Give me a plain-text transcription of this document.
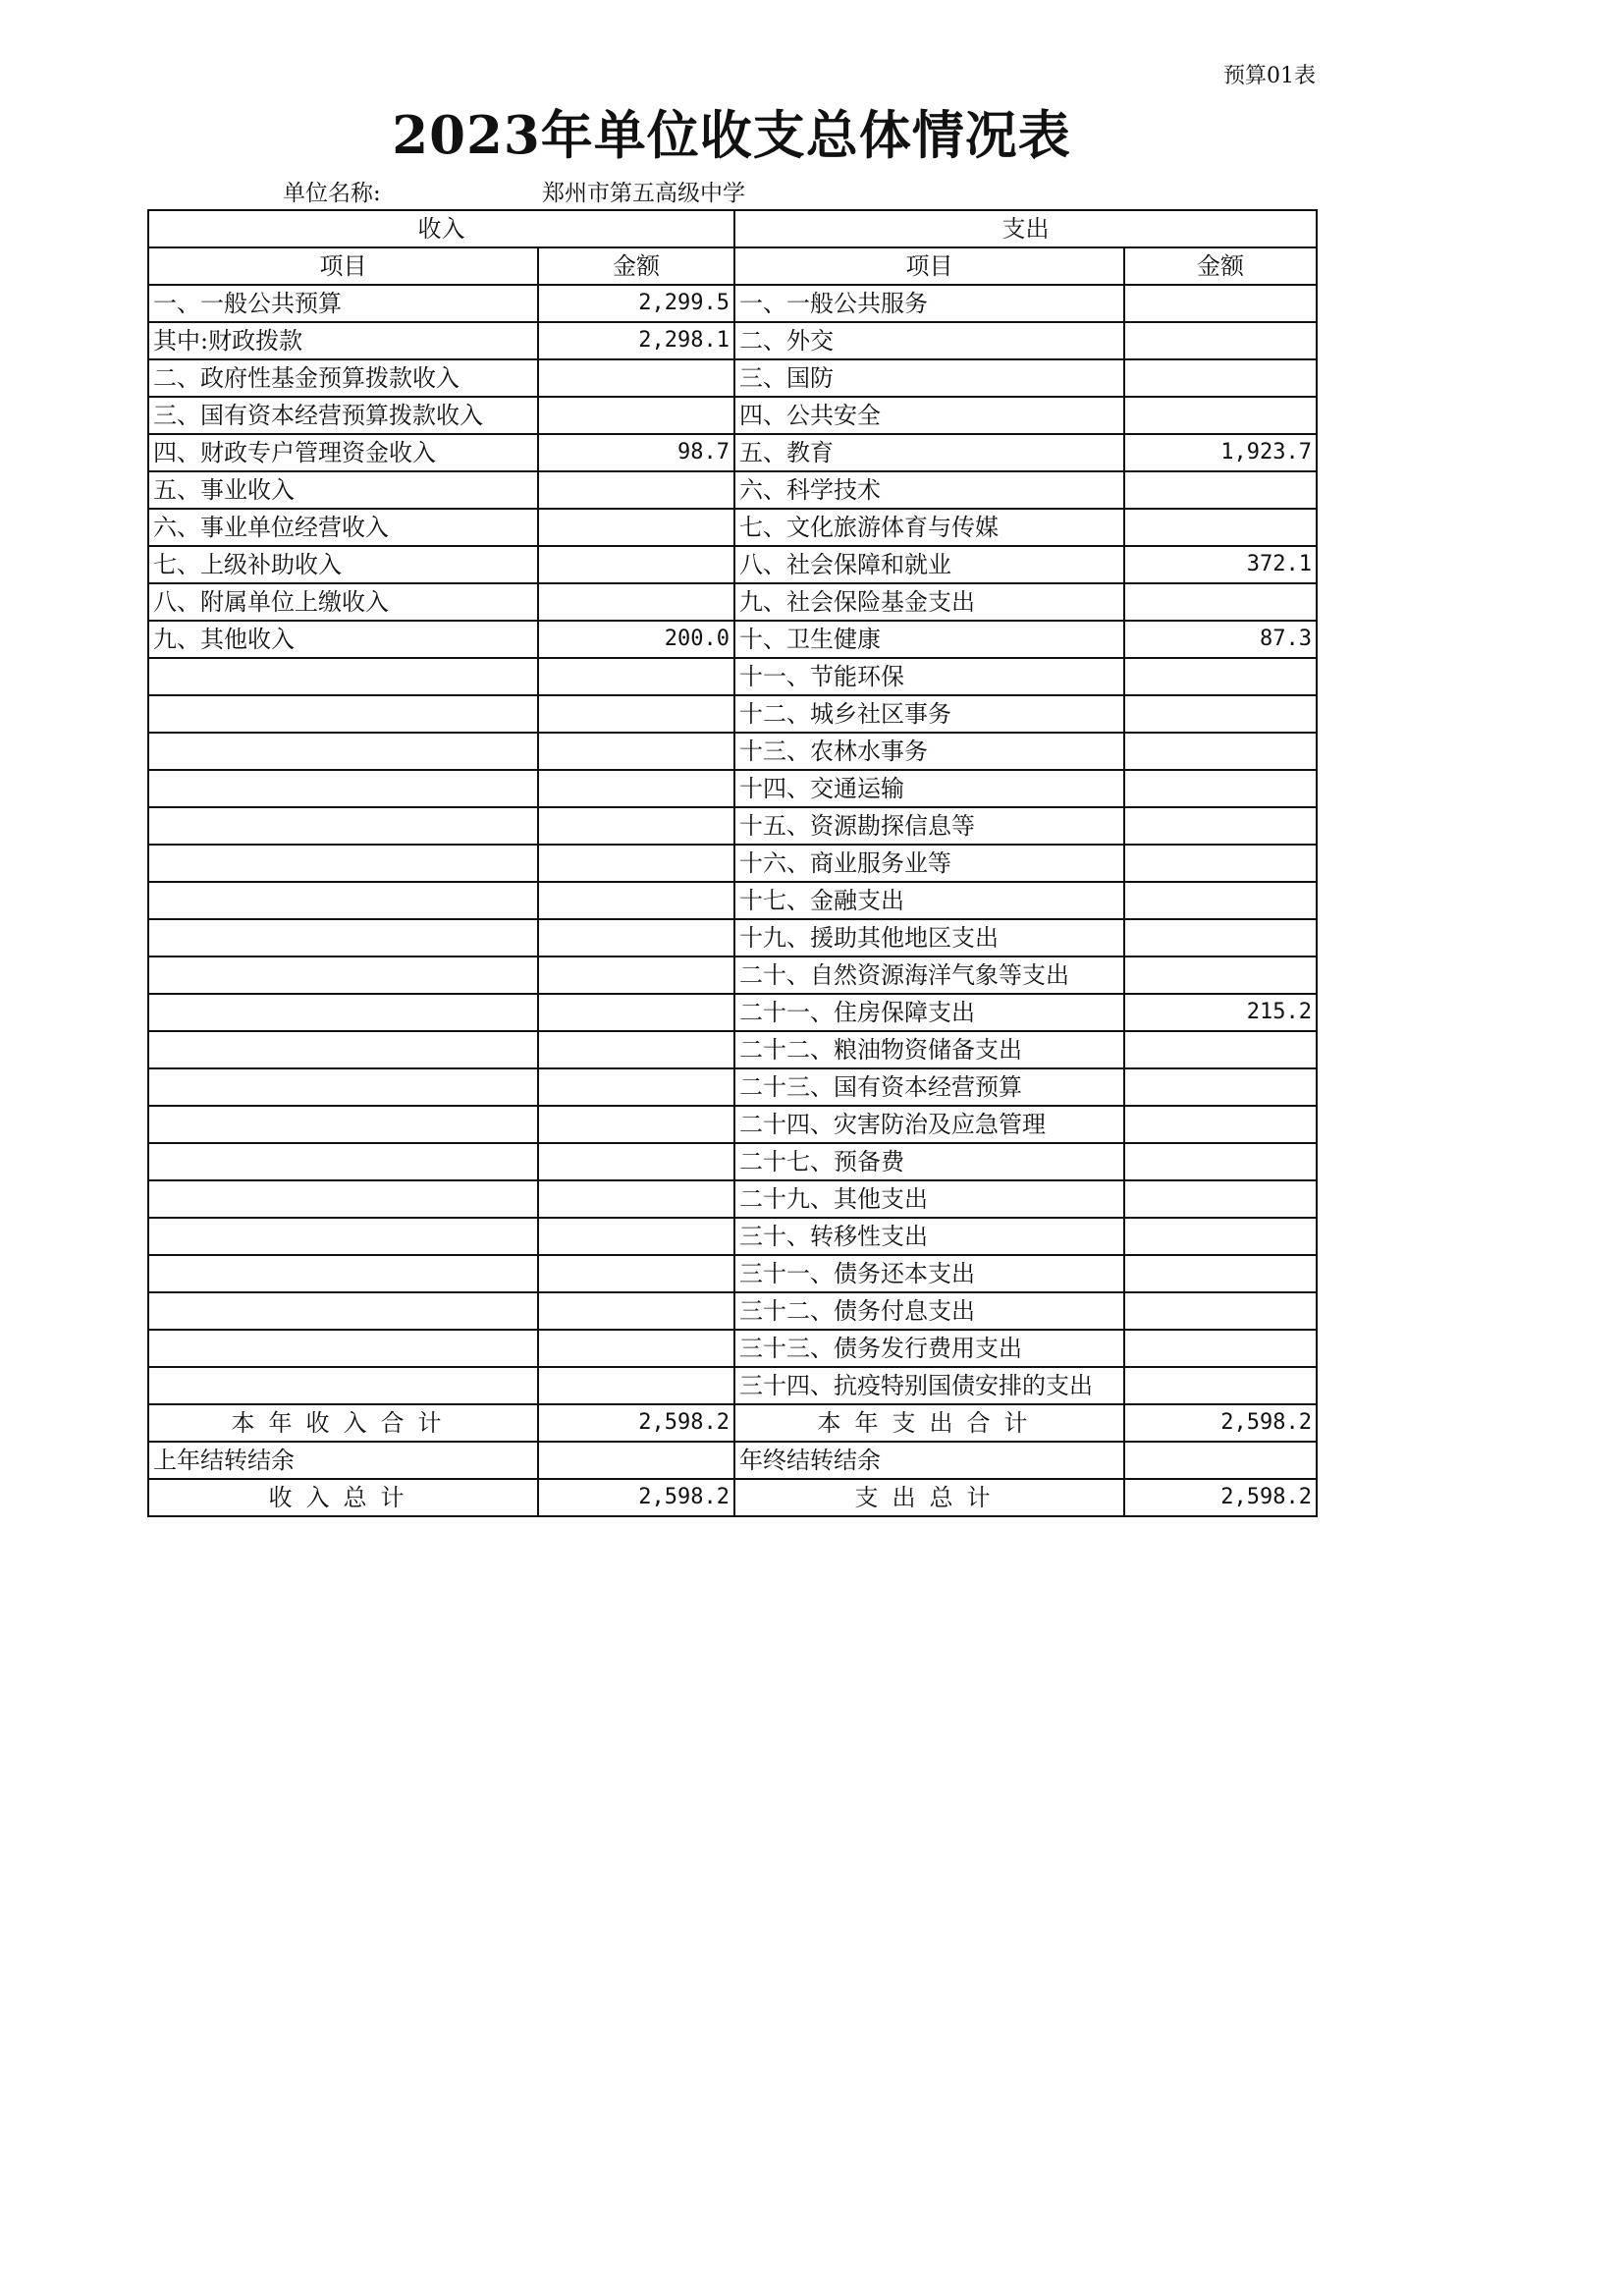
预算01表
2023年单位收支总体情况表
单位名称:	郑州市第五高级中学
收入		支出	
项目	金额	项目	金额
一、一般公共预算	2,299.5	一、一般公共服务	
其中:财政拨款	2,298.1	二、外交	
二、政府性基金预算拨款收入		三、国防	
三、国有资本经营预算拨款收入		四、公共安全	
四、财政专户管理资金收入	98.7	五、教育	1,923.7
五、事业收入		六、科学技术	
六、事业单位经营收入		七、文化旅游体育与传媒	
七、上级补助收入		八、社会保障和就业	372.1
八、附属单位上缴收入		九、社会保险基金支出	
九、其他收入	200.0	十、卫生健康	87.3
		十一、节能环保	
		十二、城乡社区事务	
		十三、农林水事务	
		十四、交通运输	
		十五、资源勘探信息等	
		十六、商业服务业等	
		十七、金融支出	
		十九、援助其他地区支出	
		二十、自然资源海洋气象等支出	
		二十一、住房保障支出	215.2
		二十二、粮油物资储备支出	
		二十三、国有资本经营预算	
		二十四、灾害防治及应急管理	
		二十七、预备费	
		二十九、其他支出	
		三十、转移性支出	
		三十一、债务还本支出	
		三十二、债务付息支出	
		三十三、债务发行费用支出	
		三十四、抗疫特别国债安排的支出	
本年收入合计	2,598.2	本年支出合计	2,598.2
上年结转结余		年终结转结余	
收入总计	2,598.2	支出总计	2,598.2
